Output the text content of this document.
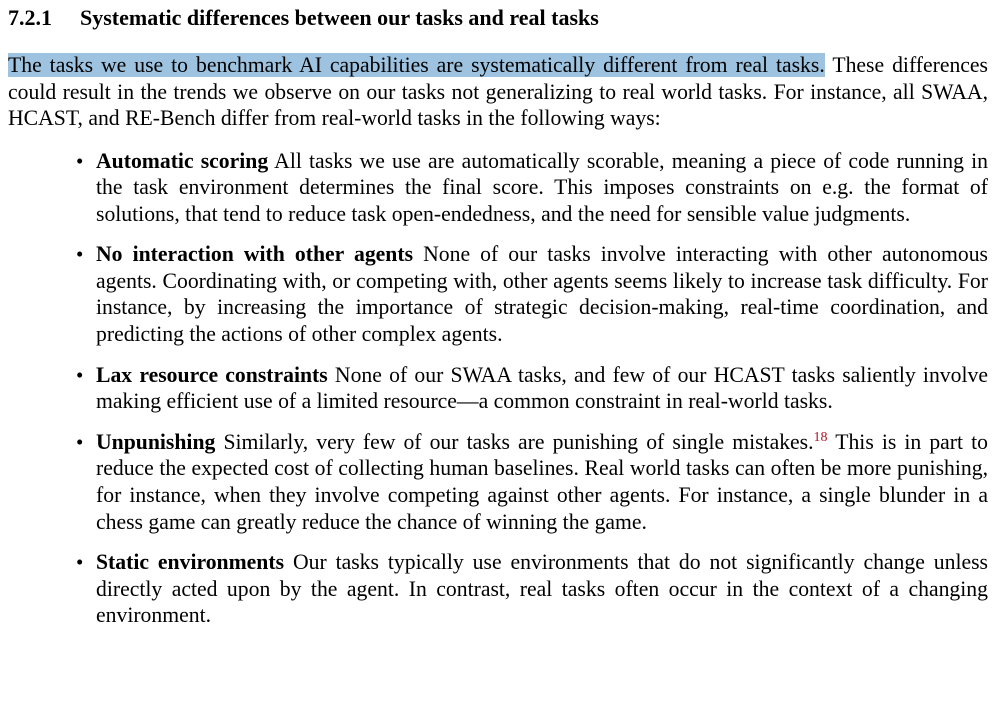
7.2.1 Systematic differences between our tasks and real tasks

The tasks we use to benchmark AI capabilities are systematically different from real tasks. These differences could result in the trends we observe on our tasks not generalizing to real world tasks. For instance, all SWAA, HCAST, and RE-Bench differ from real-world tasks in the following ways:

• Automatic scoring All tasks we use are automatically scorable, meaning a piece of code running in the task environment determines the final score. This imposes constraints on e.g. the format of solutions, that tend to reduce task open-endedness, and the need for sensible value judgments.
• No interaction with other agents None of our tasks involve interacting with other autonomous agents. Coordinating with, or competing with, other agents seems likely to increase task difficulty. For instance, by increasing the importance of strategic decision-making, real-time coordination, and predicting the actions of other complex agents.
• Lax resource constraints None of our SWAA tasks, and few of our HCAST tasks saliently involve making efficient use of a limited resource—a common constraint in real-world tasks.
• Unpunishing Similarly, very few of our tasks are punishing of single mistakes.$^{18}$ This is in part to reduce the expected cost of collecting human baselines. Real world tasks can often be more punishing, for instance, when they involve competing against other agents. For instance, a single blunder in a chess game can greatly reduce the chance of winning the game.
• Static environments Our tasks typically use environments that do not significantly change unless directly acted upon by the agent. In contrast, real tasks often occur in the context of a changing environment.
